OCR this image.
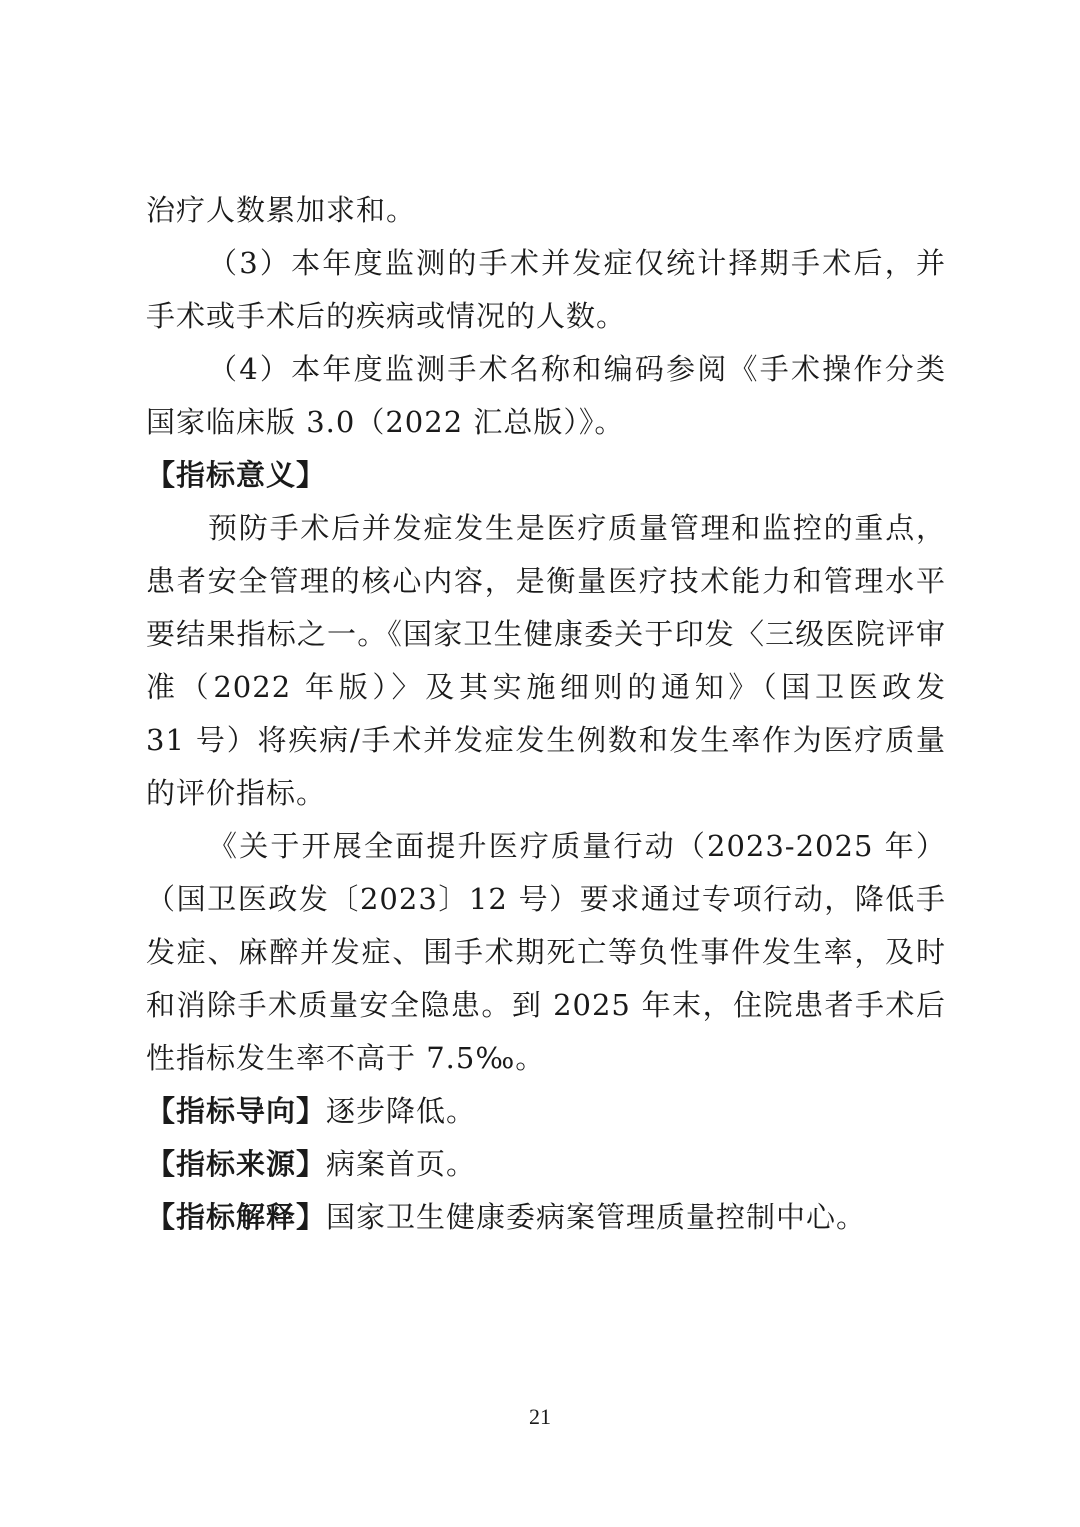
治疗人数累加求和。
（3）本年度监测的手术并发症仅统计择期手术后，并
手术或手术后的疾病或情况的人数。
（4）本年度监测手术名称和编码参阅《手术操作分类
国家临床版 3.0（2022 汇总版）》。
【指标意义】
预防手术后并发症发生是医疗质量管理和监控的重点，
患者安全管理的核心内容，是衡量医疗技术能力和管理水平
要结果指标之一。《国家卫生健康委关于印发〈三级医院评审
准（2022 年版）〉及其实施细则的通知》（国卫医政发
31 号）将疾病/手术并发症发生例数和发生率作为医疗质量
的评价指标。
《关于开展全面提升医疗质量行动（2023-2025 年）
（国卫医政发〔2023〕12 号）要求通过专项行动，降低手
发症、麻醉并发症、围手术期死亡等负性事件发生率，及时
和消除手术质量安全隐患。到 2025 年末，住院患者手术后
性指标发生率不高于 7.5‰。
【指标导向】逐步降低。
【指标来源】病案首页。
【指标解释】国家卫生健康委病案管理质量控制中心。
21
